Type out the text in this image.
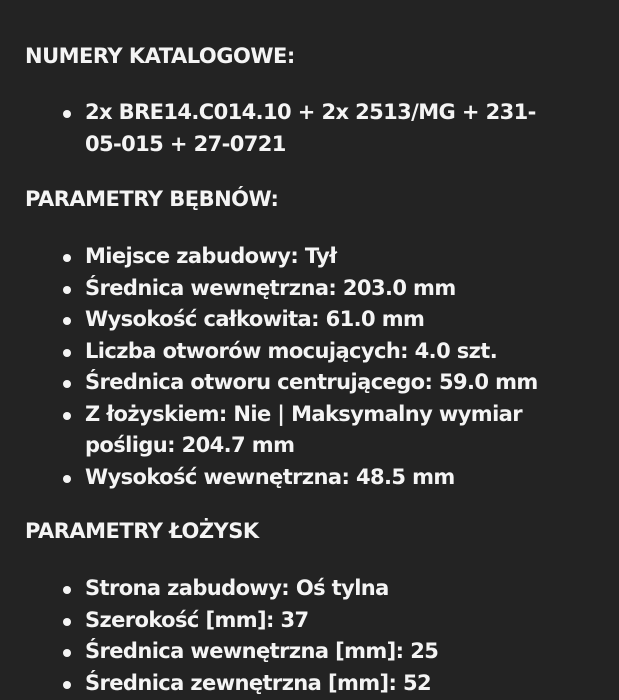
NUMERY KATALOGOWE:
2x BRE14.C014.10 + 2x 2513/MG + 231-05-015 + 27-0721
PARAMETRY BĘBNÓW:
Miejsce zabudowy: Tył
Średnica wewnętrzna: 203.0 mm
Wysokość całkowita: 61.0 mm
Liczba otworów mocujących: 4.0 szt.
Średnica otworu centrującego: 59.0 mm
Z łożyskiem: Nie | Maksymalny wymiar pośligu: 204.7 mm
Wysokość wewnętrzna: 48.5 mm
PARAMETRY ŁOŻYSK
Strona zabudowy: Oś tylna
Szerokość [mm]: 37
Średnica wewnętrzna [mm]: 25
Średnica zewnętrzna [mm]: 52
